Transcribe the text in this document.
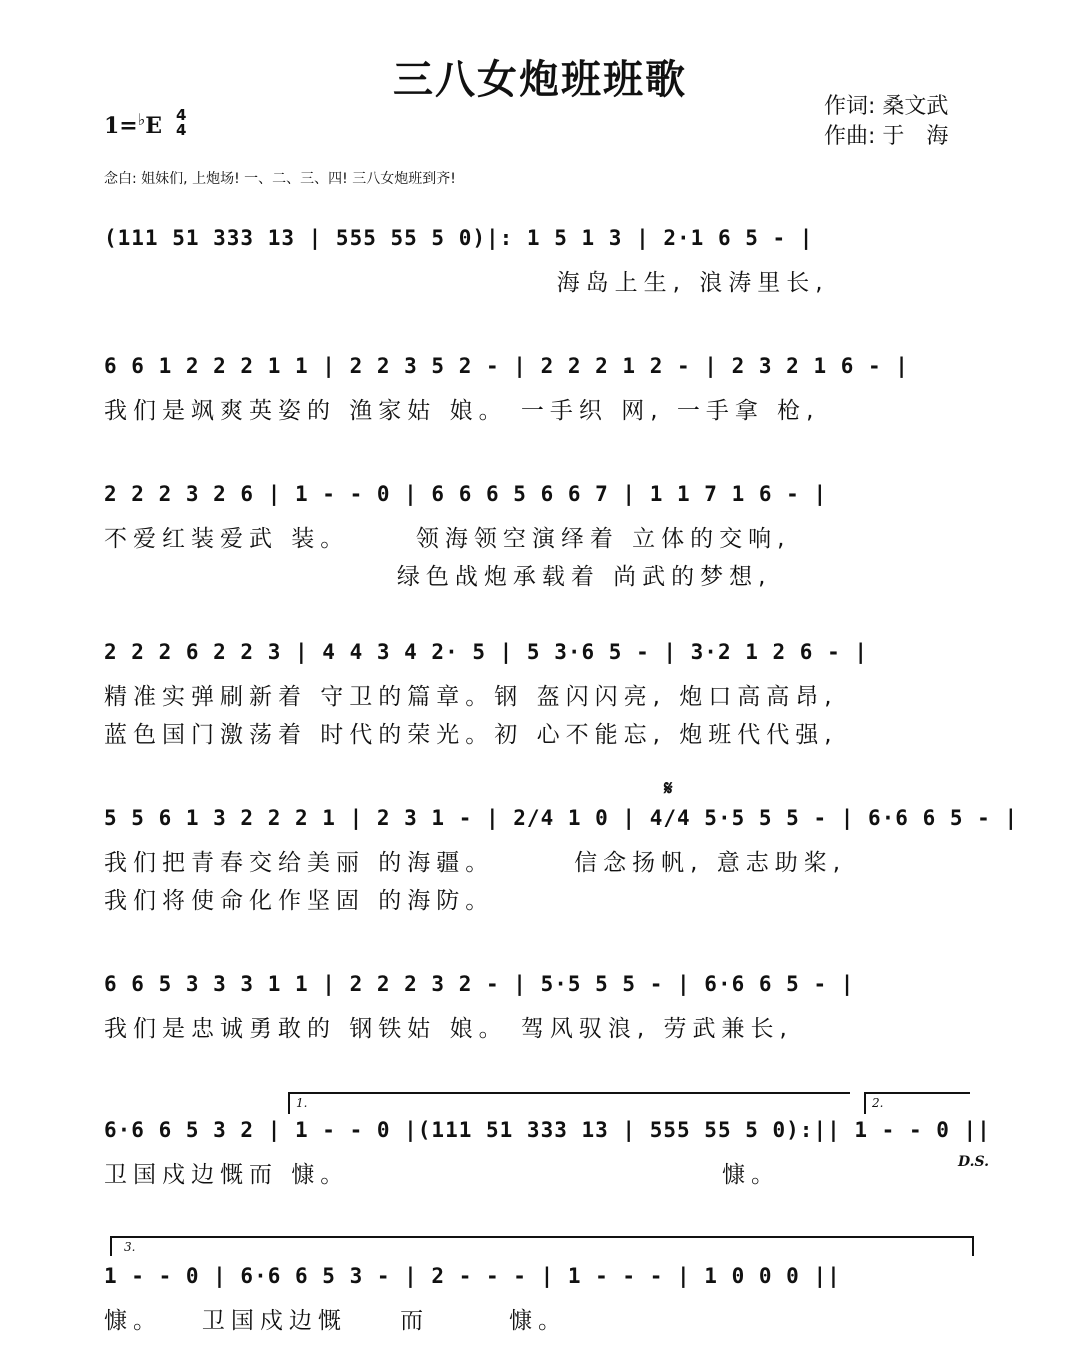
三八女炮班班歌
1=♭E 4
4
作词: 桑文武
作曲: 于　海
念白: 姐妹们, 上炮场! 一、二、三、四! 三八女炮班到齐!
(111 51 333 13 | 555 55 5 0)|: 1 5 1 3 | 2·1 6 5 - |
海岛上生, 浪涛里长,
6 6 1 2 2 2 1 1 | 2 2 3 5 2 - | 2 2 2 1 2 - | 2 3 2 1 6 - |
我们是飒爽英姿的 渔家姑 娘。 一手织 网, 一手拿 枪,
2 2 2 3 2 6 | 1 - - 0 | 6 6 6 5 6 6 7 | 1 1 7 1 6 - |
不爱红装爱武 装。     领海领空演绎着 立体的交响,
绿色战炮承载着 尚武的梦想,
2 2 2 6 2 2 3 | 4 4 3 4 2· 5 | 5 3·6 5 - | 3·2 1 2 6 - |
精准实弹刷新着 守卫的篇章。钢 盔闪闪亮, 炮口高高昂,
蓝色国门激荡着 时代的荣光。初 心不能忘, 炮班代代强,
𝄋
5 5 6 1 3 2 2 2 1 | 2 3 1 - | 2/4 1 0 | 4/4 5·5 5 5 - | 6·6 6 5 - |
我们把青春交给美丽 的海疆。      信念扬帆, 意志助桨,
我们将使命化作坚固 的海防。
6 6 5 3 3 3 1 1 | 2 2 2 3 2 - | 5·5 5 5 - | 6·6 6 5 - |
我们是忠诚勇敢的 钢铁姑 娘。 驾风驭浪, 劳武兼长,
1.	2.
6·6 6 5 3 2 | 1 - - 0 |(111 51 333 13 | 555 55 5 0):|| 1 - - 0 ||
卫国戍边慨而 慷。                            慷。	D.S.
3.
1 - - 0 | 6·6 6 5 3 - | 2 - - - | 1 - - - | 1 0 0 0 ||
慷。   卫国戍边慨    而      慷。
